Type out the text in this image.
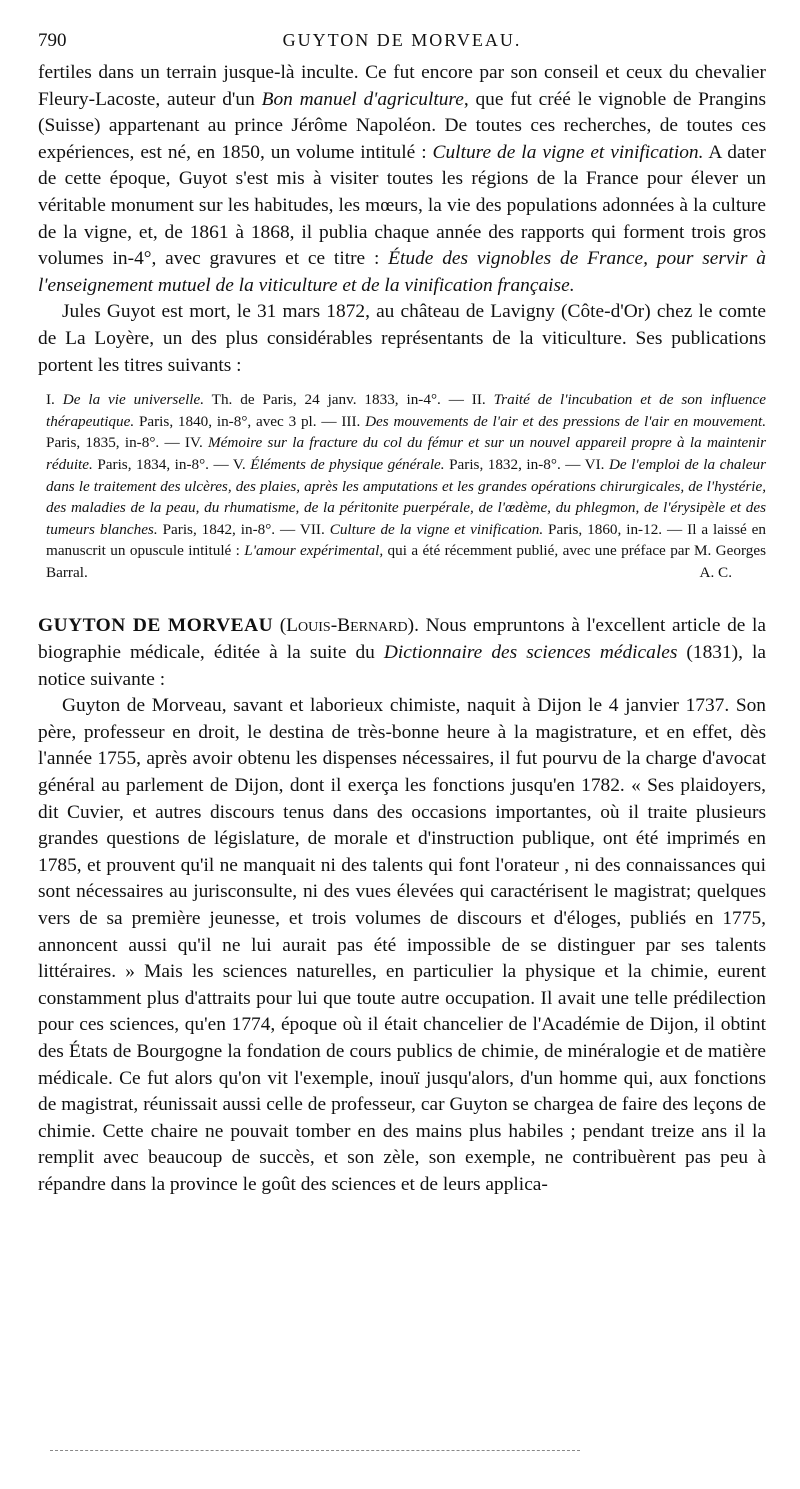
790	GUYTON DE MORVEAU.

fertiles dans un terrain jusque-là inculte. Ce fut encore par son conseil et ceux du chevalier Fleury-Lacoste, auteur d'un Bon manuel d'agriculture, que fut créé le vignoble de Prangins (Suisse) appartenant au prince Jérôme Napoléon. De toutes ces recherches, de toutes ces expériences, est né, en 1850, un volume intitulé : Culture de la vigne et vinification. A dater de cette époque, Guyot s'est mis à visiter toutes les régions de la France pour élever un véritable monument sur les habitudes, les mœurs, la vie des populations adonnées à la culture de la vigne, et, de 1861 à 1868, il publia chaque année des rapports qui forment trois gros volumes in-4°, avec gravures et ce titre : Étude des vignobles de France, pour servir à l'enseignement mutuel de la viticulture et de la vinification française.

Jules Guyot est mort, le 31 mars 1872, au château de Lavigny (Côte-d'Or) chez le comte de La Loyère, un des plus considérables représentants de la viticulture. Ses publications portent les titres suivants :

I. De la vie universelle. Th. de Paris, 24 janv. 1833, in-4°. — II. Traité de l'incubation et de son influence thérapeutique. Paris, 1840, in-8°, avec 3 pl. — III. Des mouvements de l'air et des pressions de l'air en mouvement. Paris, 1835, in-8°. — IV. Mémoire sur la fracture du col du fémur et sur un nouvel appareil propre à la maintenir réduite. Paris, 1834, in-8°. — V. Éléments de physique générale. Paris, 1832, in-8°. — VI. De l'emploi de la chaleur dans le traitement des ulcères, des plaies, après les amputations et les grandes opérations chirurgicales, de l'hystérie, des maladies de la peau, du rhumatisme, de la péritonite puerpérale, de l'œdème, du phlegmon, de l'érysipèle et des tumeurs blanches. Paris, 1842, in-8°. — VII. Culture de la vigne et vinification. Paris, 1860, in-12. — Il a laissé en manuscrit un opuscule intitulé : L'amour expérimental, qui a été récemment publié, avec une préface par M. Georges Barral.	A. C.

GUYTON DE MORVEAU (Louis-Bernard). Nous empruntons à l'excellent article de la biographie médicale, éditée à la suite du Dictionnaire des sciences médicales (1831), la notice suivante :

Guyton de Morveau, savant et laborieux chimiste, naquit à Dijon le 4 janvier 1737. Son père, professeur en droit, le destina de très-bonne heure à la magistrature, et en effet, dès l'année 1755, après avoir obtenu les dispenses nécessaires, il fut pourvu de la charge d'avocat général au parlement de Dijon, dont il exerça les fonctions jusqu'en 1782. « Ses plaidoyers, dit Cuvier, et autres discours tenus dans des occasions importantes, où il traite plusieurs grandes questions de législature, de morale et d'instruction publique, ont été imprimés en 1785, et prouvent qu'il ne manquait ni des talents qui font l'orateur , ni des connaissances qui sont nécessaires au jurisconsulte, ni des vues élevées qui caractérisent le magistrat; quelques vers de sa première jeunesse, et trois volumes de discours et d'éloges, publiés en 1775, annoncent aussi qu'il ne lui aurait pas été impossible de se distinguer par ses talents littéraires. » Mais les sciences naturelles, en particulier la physique et la chimie, eurent constamment plus d'attraits pour lui que toute autre occupation. Il avait une telle prédilection pour ces sciences, qu'en 1774, époque où il était chancelier de l'Académie de Dijon, il obtint des États de Bourgogne la fondation de cours publics de chimie, de minéralogie et de matière médicale. Ce fut alors qu'on vit l'exemple, inouï jusqu'alors, d'un homme qui, aux fonctions de magistrat, réunissait aussi celle de professeur, car Guyton se chargea de faire des leçons de chimie. Cette chaire ne pouvait tomber en des mains plus habiles ; pendant treize ans il la remplit avec beaucoup de succès, et son zèle, son exemple, ne contribuèrent pas peu à répandre dans la province le goût des sciences et de leurs applica-
